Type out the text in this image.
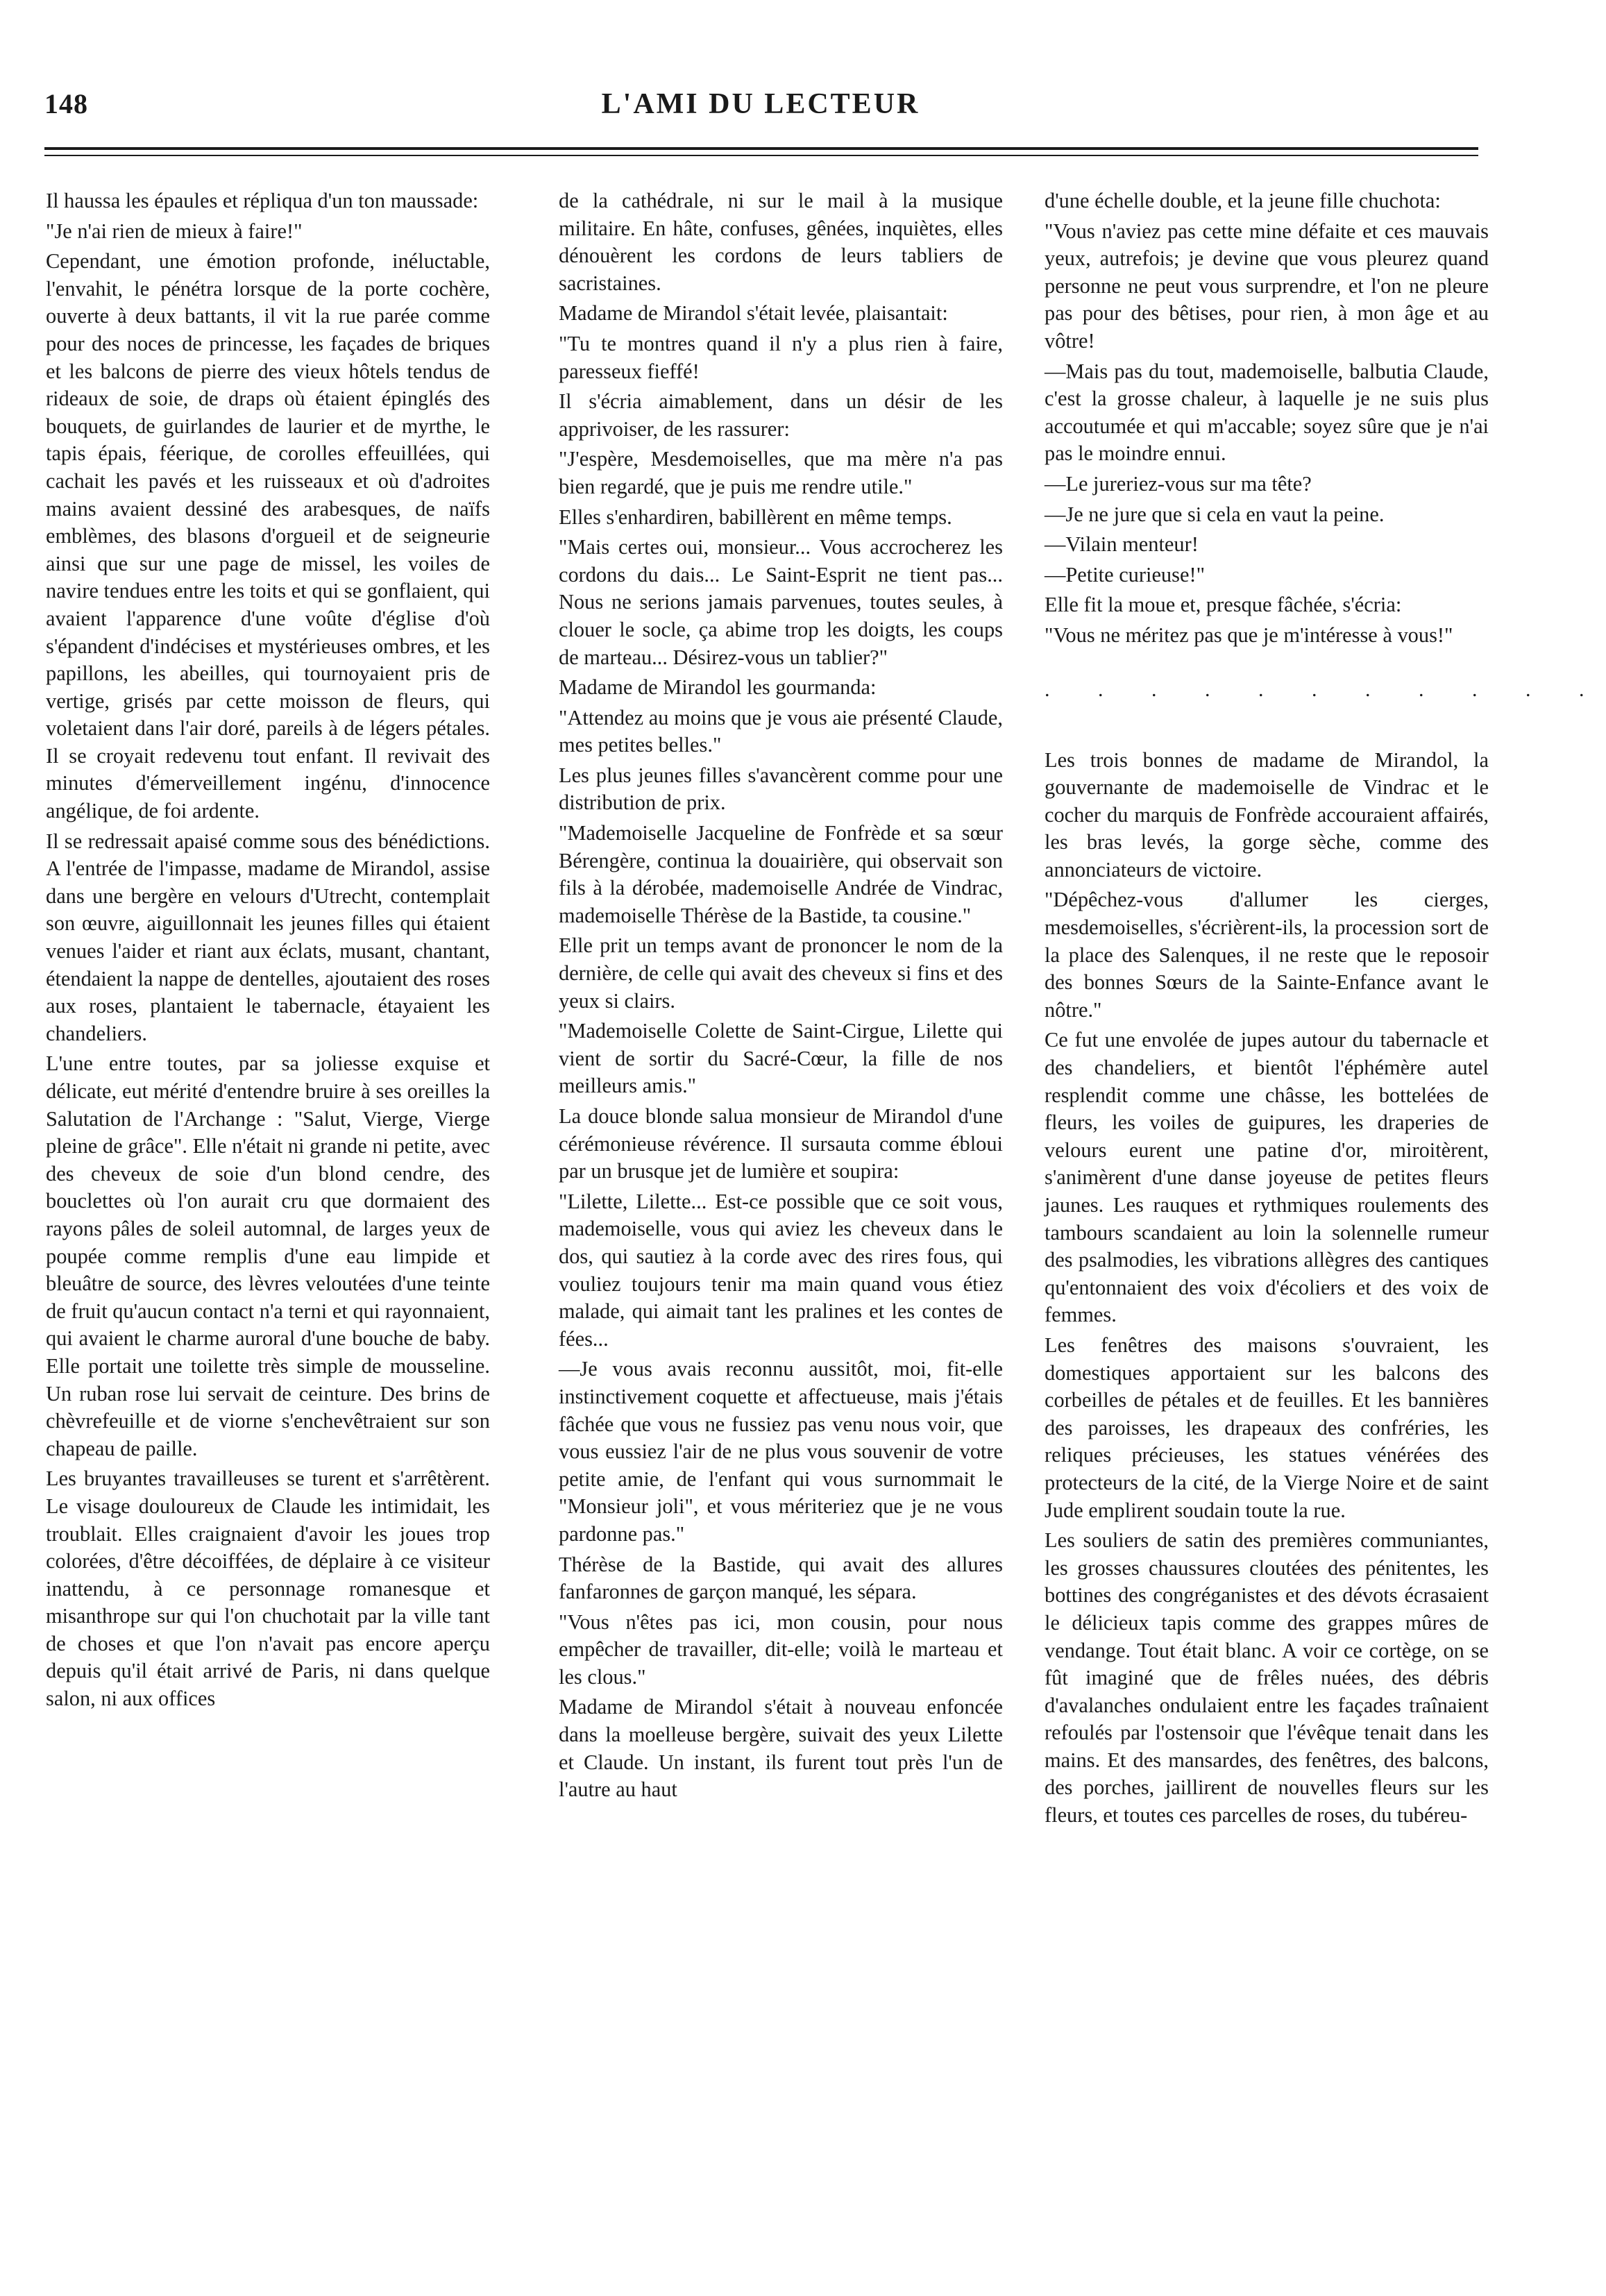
148	L'AMI DU LECTEUR

Il haussa les épaules et répliqua d'un ton maussade:

"Je n'ai rien de mieux à faire!"

Cependant, une émotion profonde, inéluctable, l'envahit, le pénétra lorsque de la porte cochère, ouverte à deux battants, il vit la rue parée comme pour des noces de princesse, les façades de briques et les balcons de pierre des vieux hôtels tendus de rideaux de soie, de draps où étaient épinglés des bouquets, de guirlandes de laurier et de myrthe, le tapis épais, féerique, de corolles effeuillées, qui cachait les pavés et les ruisseaux et où d'adroites mains avaient dessiné des arabesques, de naïfs emblèmes, des blasons d'orgueil et de seigneurie ainsi que sur une page de missel, les voiles de navire tendues entre les toits et qui se gonflaient, qui avaient l'apparence d'une voûte d'église d'où s'épandent d'indécises et mystérieuses ombres, et les papillons, les abeilles, qui tournoyaient pris de vertige, grisés par cette moisson de fleurs, qui voletaient dans l'air doré, pareils à de légers pétales. Il se croyait redevenu tout enfant. Il revivait des minutes d'émerveillement ingénu, d'innocence angélique, de foi ardente.

Il se redressait apaisé comme sous des bénédictions. A l'entrée de l'impasse, madame de Mirandol, assise dans une bergère en velours d'Utrecht, contemplait son œuvre, aiguillonnait les jeunes filles qui étaient venues l'aider et riant aux éclats, musant, chantant, étendaient la nappe de dentelles, ajoutaient des roses aux roses, plantaient le tabernacle, étayaient les chandeliers.

L'une entre toutes, par sa joliesse exquise et délicate, eut mérité d'entendre bruire à ses oreilles la Salutation de l'Archange : "Salut, Vierge, Vierge pleine de grâce". Elle n'était ni grande ni petite, avec des cheveux de soie d'un blond cendre, des bouclettes où l'on aurait cru que dormaient des rayons pâles de soleil automnal, de larges yeux de poupée comme remplis d'une eau limpide et bleuâtre de source, des lèvres veloutées d'une teinte de fruit qu'aucun contact n'a terni et qui rayonnaient, qui avaient le charme auroral d'une bouche de baby. Elle portait une toilette très simple de mousseline. Un ruban rose lui servait de ceinture. Des brins de chèvrefeuille et de viorne s'enchevêtraient sur son chapeau de paille.

Les bruyantes travailleuses se turent et s'arrêtèrent. Le visage douloureux de Claude les intimidait, les troublait. Elles craignaient d'avoir les joues trop colorées, d'être décoiffées, de déplaire à ce visiteur inattendu, à ce personnage romanesque et misanthrope sur qui l'on chuchotait par la ville tant de choses et que l'on n'avait pas encore aperçu depuis qu'il était arrivé de Paris, ni dans quelque salon, ni aux offices

de la cathédrale, ni sur le mail à la musique militaire. En hâte, confuses, gênées, inquiètes, elles dénouèrent les cordons de leurs tabliers de sacristaines.

Madame de Mirandol s'était levée, plaisantait:

"Tu te montres quand il n'y a plus rien à faire, paresseux fieffé!

Il s'écria aimablement, dans un désir de les apprivoiser, de les rassurer:

"J'espère, Mesdemoiselles, que ma mère n'a pas bien regardé, que je puis me rendre utile."

Elles s'enhardiren, babillèrent en même temps.

"Mais certes oui, monsieur... Vous accrocherez les cordons du dais... Le Saint-Esprit ne tient pas... Nous ne serions jamais parvenues, toutes seules, à clouer le socle, ça abime trop les doigts, les coups de marteau... Désirez-vous un tablier?"

Madame de Mirandol les gourmanda:

"Attendez au moins que je vous aie présenté Claude, mes petites belles."

Les plus jeunes filles s'avancèrent comme pour une distribution de prix.

"Mademoiselle Jacqueline de Fonfrède et sa sœur Bérengère, continua la douairière, qui observait son fils à la dérobée, mademoiselle Andrée de Vindrac, mademoiselle Thérèse de la Bastide, ta cousine."

Elle prit un temps avant de prononcer le nom de la dernière, de celle qui avait des cheveux si fins et des yeux si clairs.

"Mademoiselle Colette de Saint-Cirgue, Lilette qui vient de sortir du Sacré-Cœur, la fille de nos meilleurs amis."

La douce blonde salua monsieur de Mirandol d'une cérémonieuse révérence. Il sursauta comme ébloui par un brusque jet de lumière et soupira:

"Lilette, Lilette... Est-ce possible que ce soit vous, mademoiselle, vous qui aviez les cheveux dans le dos, qui sautiez à la corde avec des rires fous, qui vouliez toujours tenir ma main quand vous étiez malade, qui aimait tant les pralines et les contes de fées...

—Je vous avais reconnu aussitôt, moi, fit-elle instinctivement coquette et affectueuse, mais j'étais fâchée que vous ne fussiez pas venu nous voir, que vous eussiez l'air de ne plus vous souvenir de votre petite amie, de l'enfant qui vous surnommait le "Monsieur joli", et vous mériteriez que je ne vous pardonne pas."

Thérèse de la Bastide, qui avait des allures fanfaronnes de garçon manqué, les sépara.

"Vous n'êtes pas ici, mon cousin, pour nous empêcher de travailler, dit-elle; voilà le marteau et les clous."

Madame de Mirandol s'était à nouveau enfoncée dans la moelleuse bergère, suivait des yeux Lilette et Claude. Un instant, ils furent tout près l'un de l'autre au haut

d'une échelle double, et la jeune fille chuchota:

"Vous n'aviez pas cette mine défaite et ces mauvais yeux, autrefois; je devine que vous pleurez quand personne ne peut vous surprendre, et l'on ne pleure pas pour des bêtises, pour rien, à mon âge et au vôtre!

—Mais pas du tout, mademoiselle, balbutia Claude, c'est la grosse chaleur, à laquelle je ne suis plus accoutumée et qui m'accable; soyez sûre que je n'ai pas le moindre ennui.

—Le jureriez-vous sur ma tête?

—Je ne jure que si cela en vaut la peine.

—Vilain menteur!

—Petite curieuse!"

Elle fit la moue et, presque fâchée, s'écria:

"Vous ne méritez pas que je m'intéresse à vous!"

. . . . . . . . . . .

Les trois bonnes de madame de Mirandol, la gouvernante de mademoiselle de Vindrac et le cocher du marquis de Fonfrède accouraient affairés, les bras levés, la gorge sèche, comme des annonciateurs de victoire.

"Dépêchez-vous d'allumer les cierges, mesdemoiselles, s'écrièrent-ils, la procession sort de la place des Salenques, il ne reste que le reposoir des bonnes Sœurs de la Sainte-Enfance avant le nôtre."

Ce fut une envolée de jupes autour du tabernacle et des chandeliers, et bientôt l'éphémère autel resplendit comme une châsse, les bottelées de fleurs, les voiles de guipures, les draperies de velours eurent une patine d'or, miroitèrent, s'animèrent d'une danse joyeuse de petites fleurs jaunes. Les rauques et rythmiques roulements des tambours scandaient au loin la solennelle rumeur des psalmodies, les vibrations allègres des cantiques qu'entonnaient des voix d'écoliers et des voix de femmes.

Les fenêtres des maisons s'ouvraient, les domestiques apportaient sur les balcons des corbeilles de pétales et de feuilles. Et les bannières des paroisses, les drapeaux des confréries, les reliques précieuses, les statues vénérées des protecteurs de la cité, de la Vierge Noire et de saint Jude emplirent soudain toute la rue.

Les souliers de satin des premières communiantes, les grosses chaussures cloutées des pénitentes, les bottines des congréganistes et des dévots écrasaient le délicieux tapis comme des grappes mûres de vendange. Tout était blanc. A voir ce cortège, on se fût imaginé que de frêles nuées, des débris d'avalanches ondulaient entre les façades traînaient refoulés par l'ostensoir que l'évêque tenait dans les mains. Et des mansardes, des fenêtres, des balcons, des porches, jaillirent de nouvelles fleurs sur les fleurs, et toutes ces parcelles de roses, du tubéreu-
